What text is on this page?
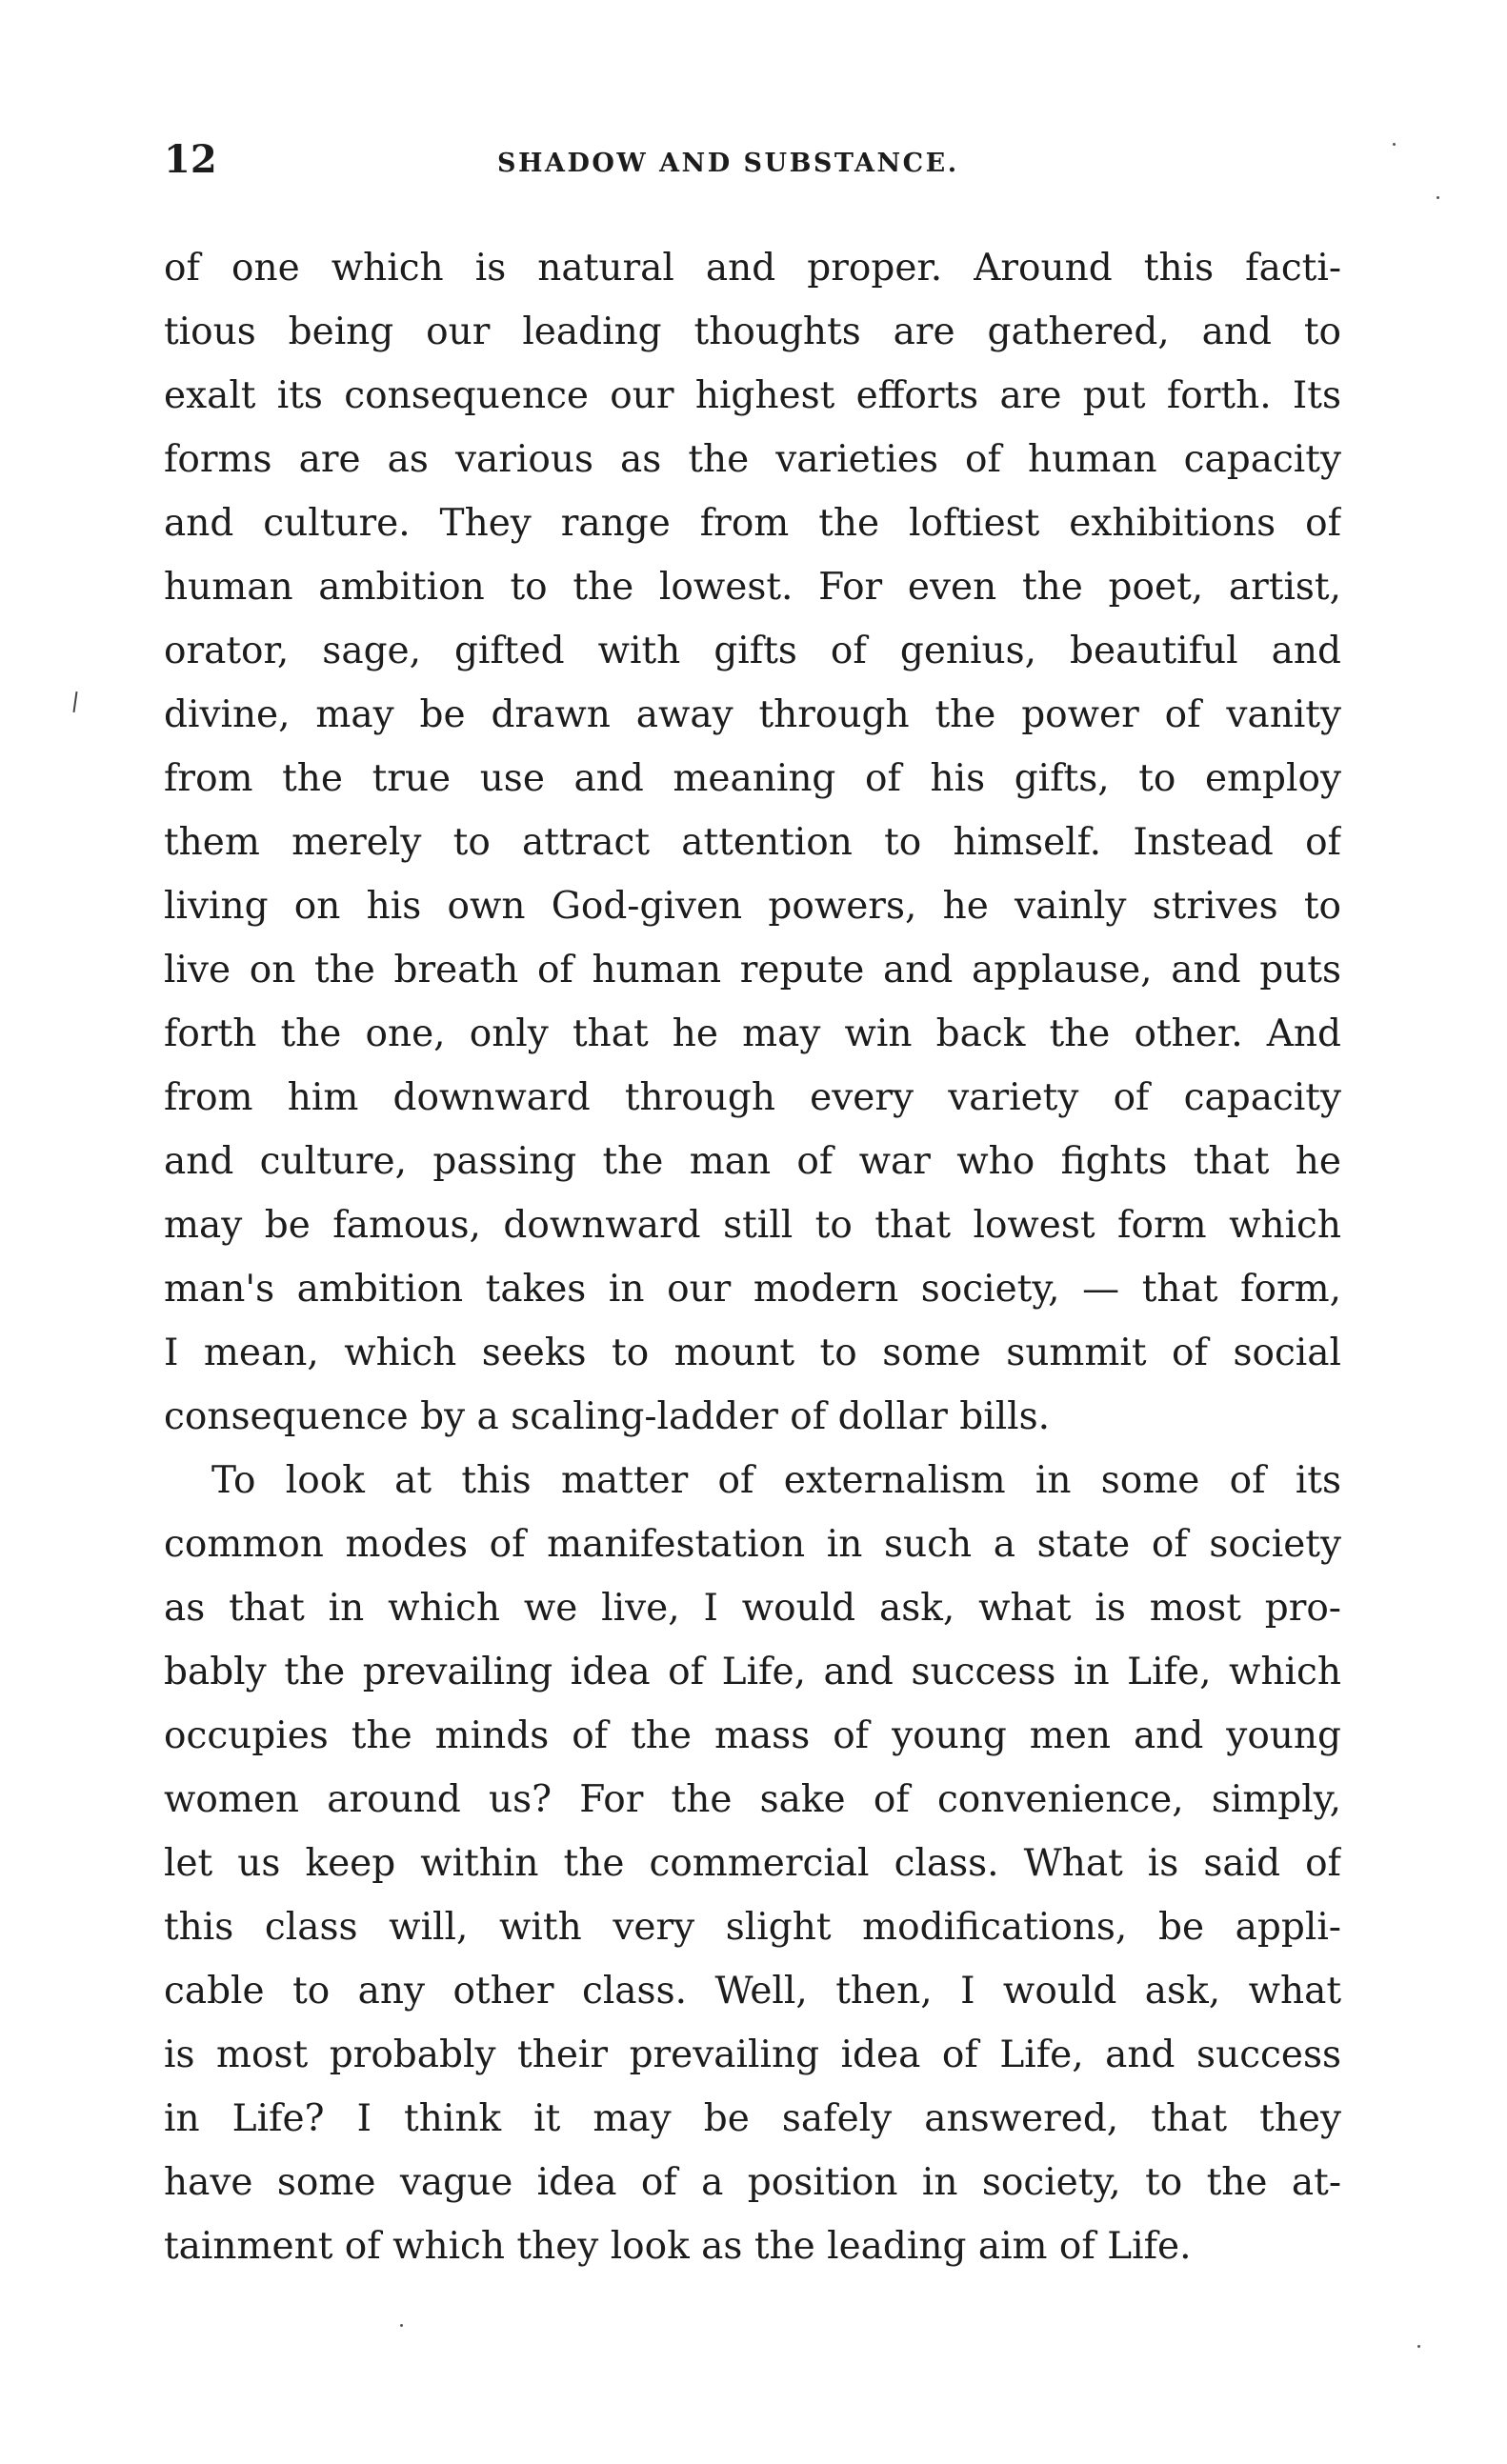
12	SHADOW AND SUBSTANCE.
of one which is natural and proper. Around this facti-
tious being our leading thoughts are gathered, and to
exalt its consequence our highest efforts are put forth. Its
forms are as various as the varieties of human capacity
and culture. They range from the loftiest exhibitions of
human ambition to the lowest. For even the poet, artist,
orator, sage, gifted with gifts of genius, beautiful and
divine, may be drawn away through the power of vanity
from the true use and meaning of his gifts, to employ
them merely to attract attention to himself. Instead of
living on his own God-given powers, he vainly strives to
live on the breath of human repute and applause, and puts
forth the one, only that he may win back the other. And
from him downward through every variety of capacity
and culture, passing the man of war who fights that he
may be famous, downward still to that lowest form which
man's ambition takes in our modern society, — that form,
I mean, which seeks to mount to some summit of social
consequence by a scaling-ladder of dollar bills.
To look at this matter of externalism in some of its
common modes of manifestation in such a state of society
as that in which we live, I would ask, what is most pro-
bably the prevailing idea of Life, and success in Life, which
occupies the minds of the mass of young men and young
women around us? For the sake of convenience, simply,
let us keep within the commercial class. What is said of
this class will, with very slight modifications, be appli-
cable to any other class. Well, then, I would ask, what
is most probably their prevailing idea of Life, and success
in Life? I think it may be safely answered, that they
have some vague idea of a position in society, to the at-
tainment of which they look as the leading aim of Life.
